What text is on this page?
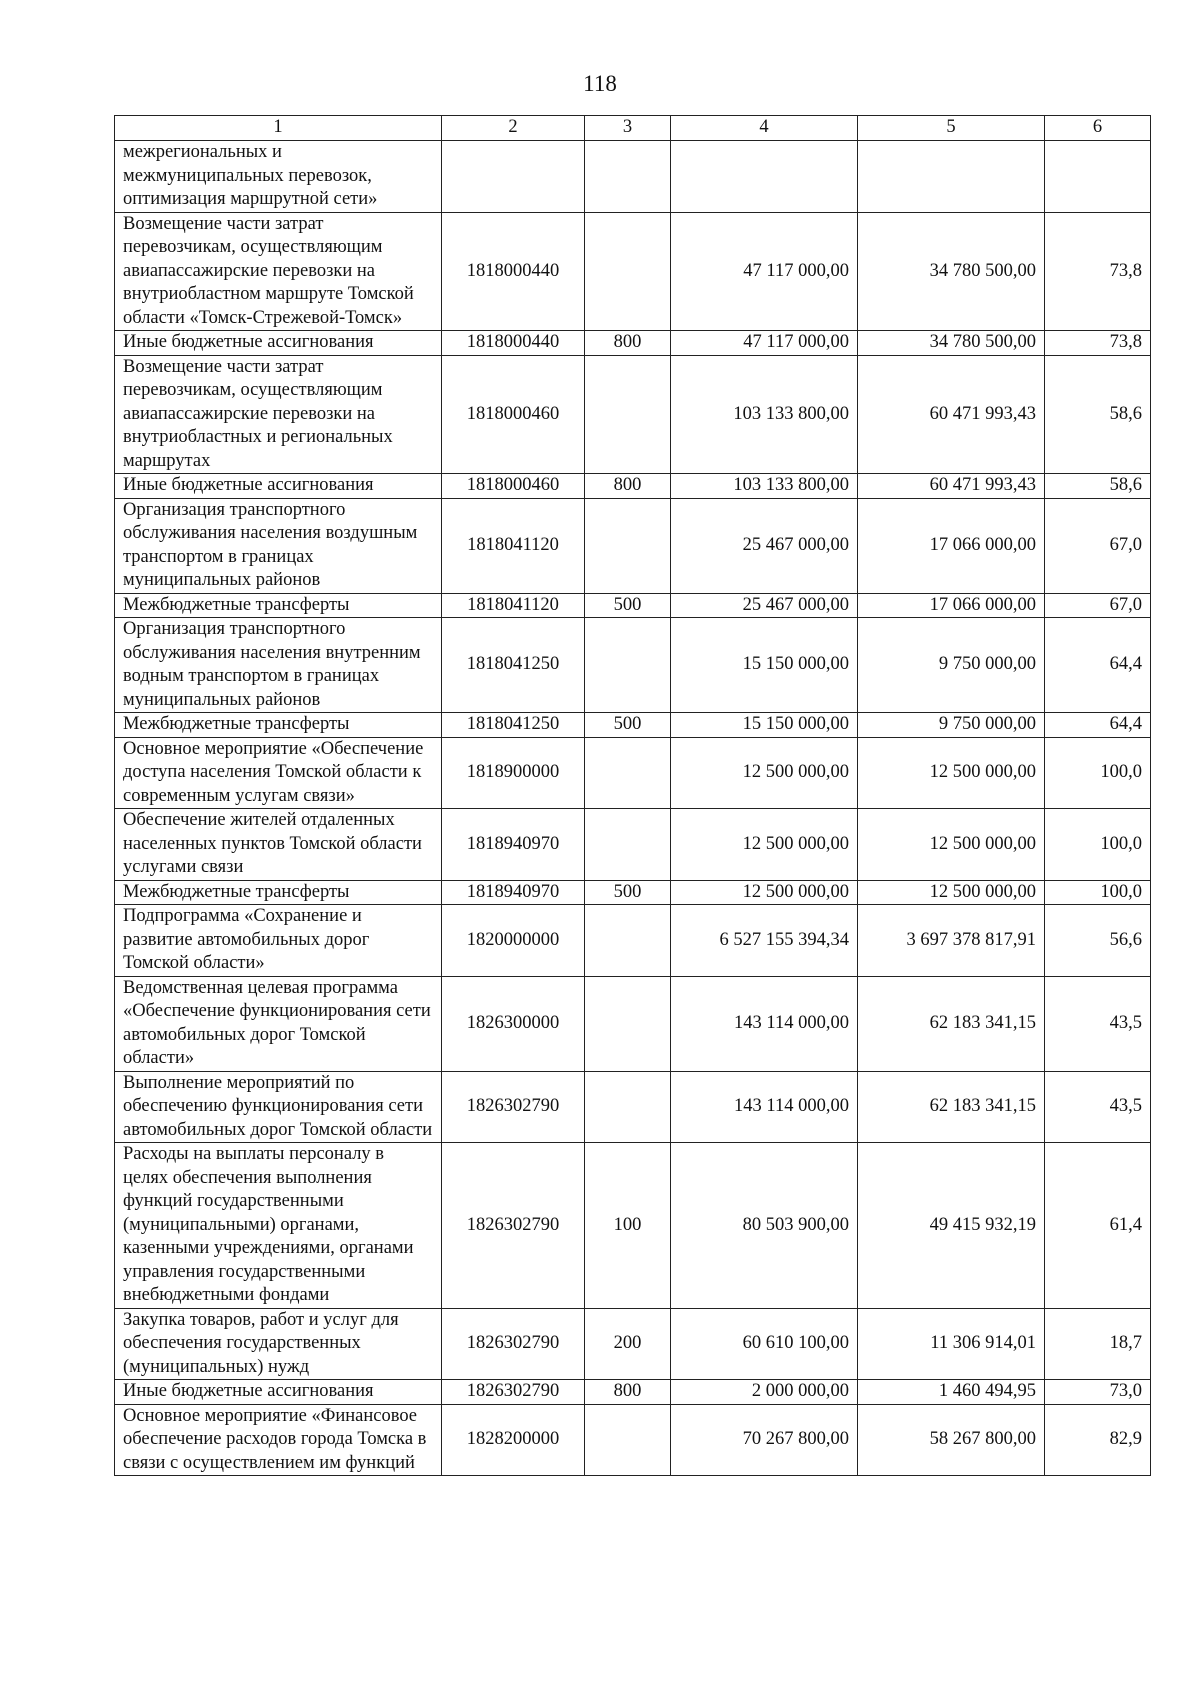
118
1	2	3	4	5	6
межрегиональных и межмуниципальных перевозок, оптимизация маршрутной сети»					
Возмещение части затрат перевозчикам, осуществляющим авиапассажирские перевозки на внутриобластном маршруте Томской области «Томск-Стрежевой-Томск»	1818000440		47 117 000,00	34 780 500,00	73,8
Иные бюджетные ассигнования	1818000440	800	47 117 000,00	34 780 500,00	73,8
Возмещение части затрат перевозчикам, осуществляющим авиапассажирские перевозки на внутриобластных и региональных маршрутах	1818000460		103 133 800,00	60 471 993,43	58,6
Иные бюджетные ассигнования	1818000460	800	103 133 800,00	60 471 993,43	58,6
Организация транспортного обслуживания населения воздушным транспортом в границах муниципальных районов	1818041120		25 467 000,00	17 066 000,00	67,0
Межбюджетные трансферты	1818041120	500	25 467 000,00	17 066 000,00	67,0
Организация транспортного обслуживания населения внутренним водным транспортом в границах муниципальных районов	1818041250		15 150 000,00	9 750 000,00	64,4
Межбюджетные трансферты	1818041250	500	15 150 000,00	9 750 000,00	64,4
Основное мероприятие «Обеспечение доступа населения Томской области к современным услугам связи»	1818900000		12 500 000,00	12 500 000,00	100,0
Обеспечение жителей отдаленных населенных пунктов Томской области услугами связи	1818940970		12 500 000,00	12 500 000,00	100,0
Межбюджетные трансферты	1818940970	500	12 500 000,00	12 500 000,00	100,0
Подпрограмма «Сохранение и развитие автомобильных дорог Томской области»	1820000000		6 527 155 394,34	3 697 378 817,91	56,6
Ведомственная целевая программа «Обеспечение функционирования сети автомобильных дорог Томской области»	1826300000		143 114 000,00	62 183 341,15	43,5
Выполнение мероприятий по обеспечению функционирования сети автомобильных дорог Томской области	1826302790		143 114 000,00	62 183 341,15	43,5
Расходы на выплаты персоналу в целях обеспечения выполнения функций государственными (муниципальными) органами, казенными учреждениями, органами управления государственными внебюджетными фондами	1826302790	100	80 503 900,00	49 415 932,19	61,4
Закупка товаров, работ и услуг для обеспечения государственных (муниципальных) нужд	1826302790	200	60 610 100,00	11 306 914,01	18,7
Иные бюджетные ассигнования	1826302790	800	2 000 000,00	1 460 494,95	73,0
Основное мероприятие «Финансовое обеспечение расходов города Томска в связи с осуществлением им функций	1828200000		70 267 800,00	58 267 800,00	82,9
